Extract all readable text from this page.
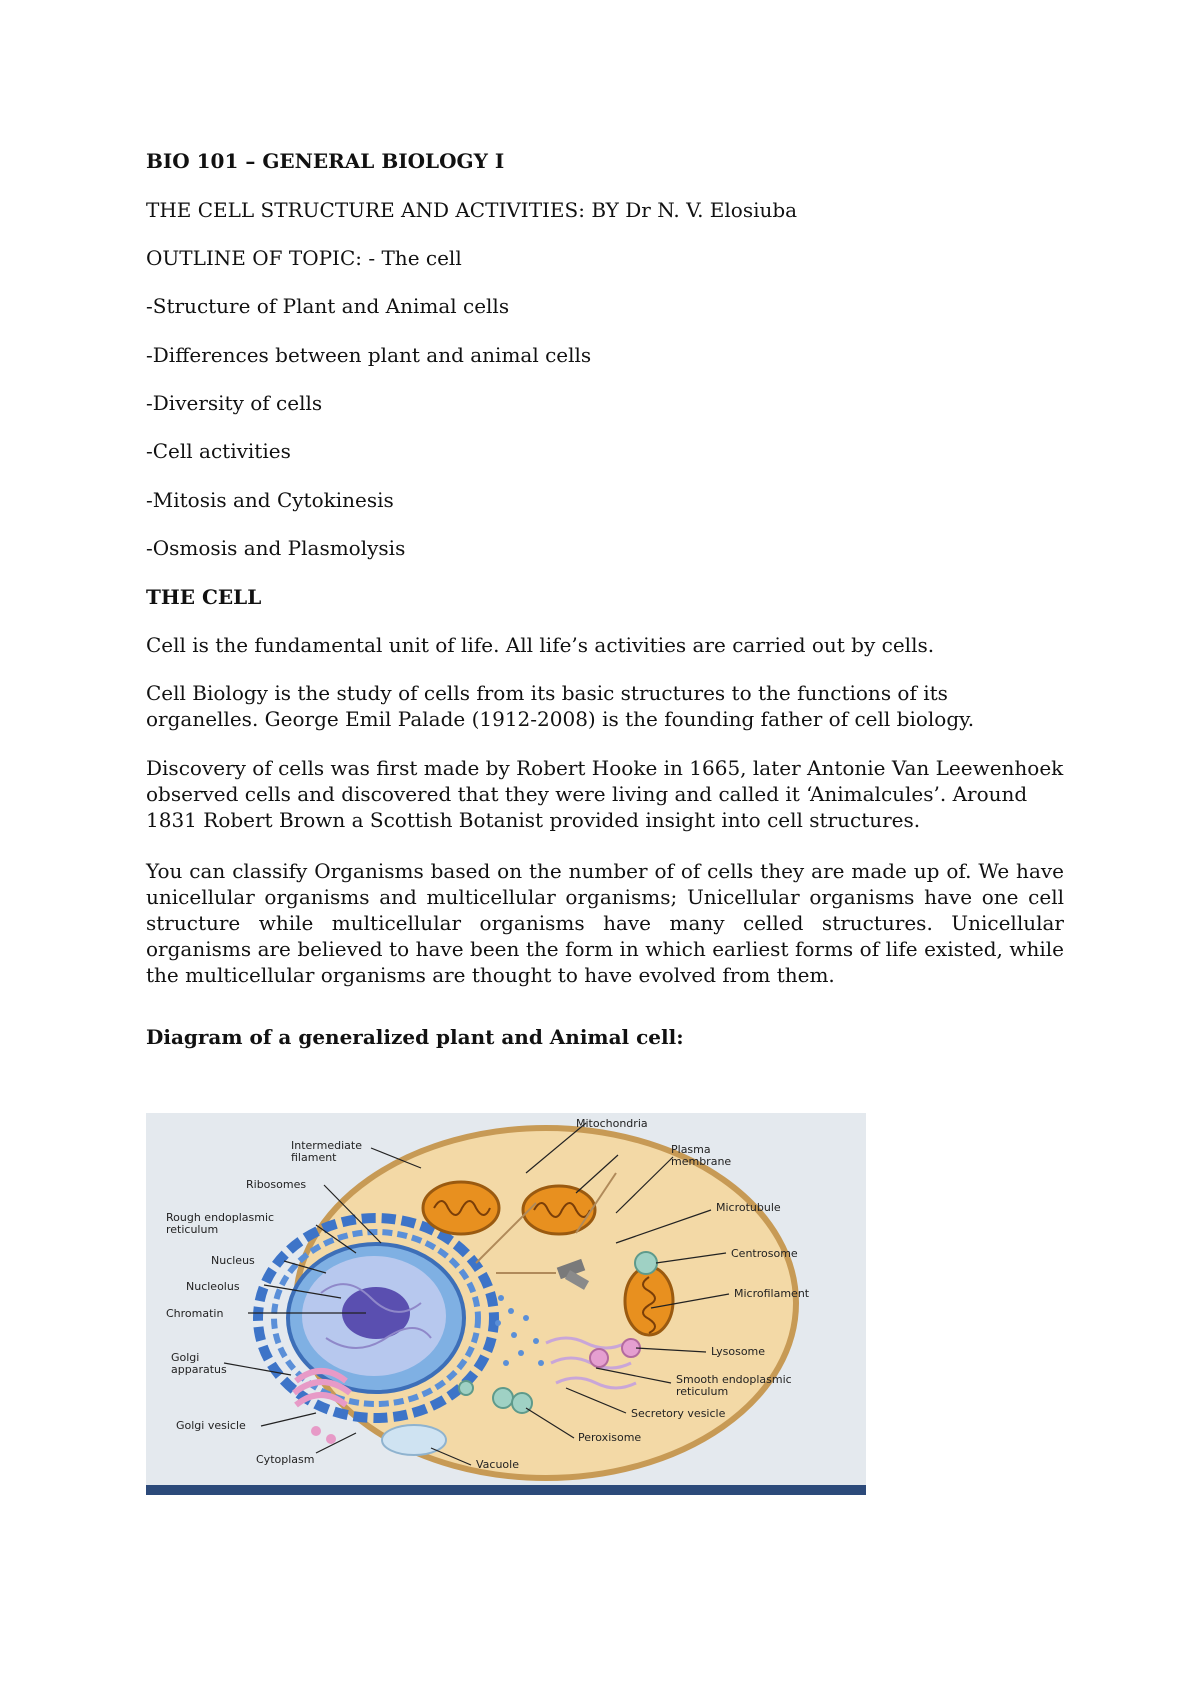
BIO 101 – GENERAL BIOLOGY I
THE CELL STRUCTURE AND ACTIVITIES: BY Dr N. V. Elosiuba
OUTLINE OF TOPIC: - The cell
-Structure of Plant and Animal cells
-Differences between plant and animal cells
-Diversity of cells
-Cell activities
-Mitosis and Cytokinesis
-Osmosis and Plasmolysis
THE CELL
Cell is the fundamental unit of life. All life’s activities are carried out by cells.
Cell Biology is the study of cells from its basic structures to the functions of its organelles. George Emil Palade (1912-2008) is the founding father of cell biology.
Discovery of cells was first made by Robert Hooke in 1665, later Antonie Van Leewenhoek observed cells and discovered that they were living and called it ‘Animalcules’. Around 1831 Robert Brown a Scottish Botanist provided insight into cell structures.
You can classify Organisms based on the number of of cells they are made up of. We have unicellular organisms and multicellular organisms; Unicellular organisms have one cell structure while multicellular organisms have many celled structures. Unicellular organisms are believed to have been the form in which earliest forms of life existed, while the multicellular organisms are thought to have evolved from them.
Diagram of a generalized plant and Animal cell:
Intermediate
filament
Ribosomes
Rough endoplasmic
reticulum
Nucleus
Nucleolus
Chromatin
Golgi
apparatus
Golgi vesicle
Cytoplasm
Mitochondria
Plasma
membrane
Microtubule
Centrosome
Microfilament
Lysosome
Smooth endoplasmic
reticulum
Secretory vesicle
Peroxisome
Vacuole
